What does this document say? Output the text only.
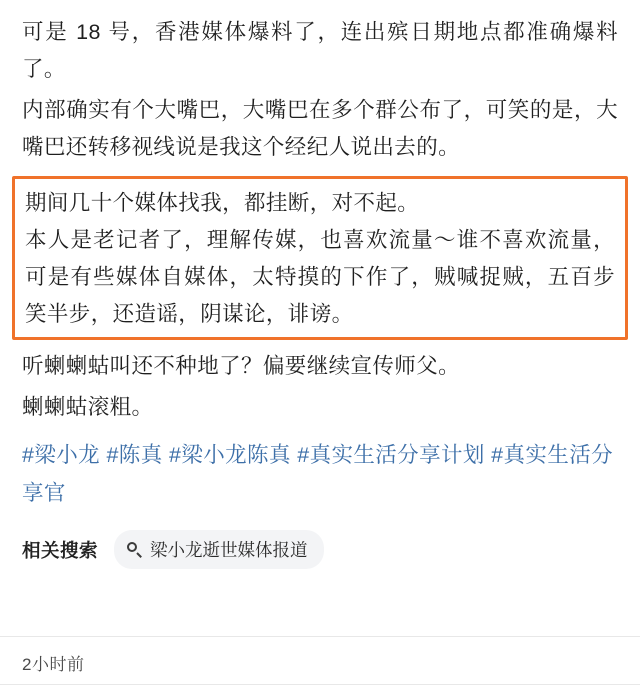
可是 18 号，香港媒体爆料了，连出殡日期地点都准确爆料了。

内部确实有个大嘴巴，大嘴巴在多个群公布了，可笑的是，大嘴巴还转移视线说是我这个经纪人说出去的。

期间几十个媒体找我，都挂断，对不起。

本人是老记者了，理解传媒，也喜欢流量～谁不喜欢流量，可是有些媒体自媒体，太特摸的下作了，贼喊捉贼，五百步笑半步，还造谣，阴谋论，诽谤。

听蝲蝲蛄叫还不种地了？偏要继续宣传师父。

蝲蝲蛄滚粗。

#梁小龙 #陈真 #梁小龙陈真 #真实生活分享计划 #真实生活分享官
相关搜索	梁小龙逝世媒体报道
2小时前
